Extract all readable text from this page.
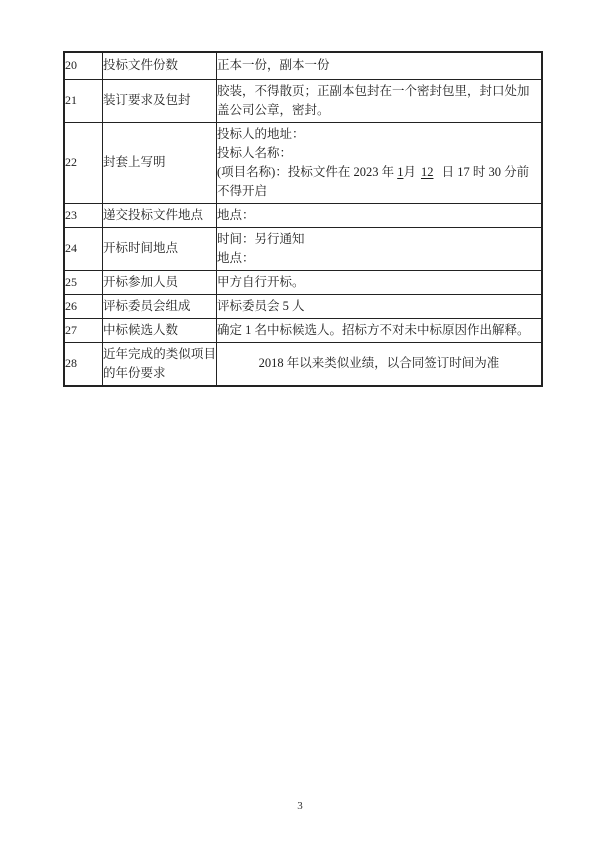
20	投标文件份数	正本一份，副本一份
21	装订要求及包封	胶装，不得散页；正副本包封在一个密封包里，封口处加盖公司公章，密封。
22	封套上写明	投标人的地址：
投标人名称：
(项目名称)：投标文件在 2023 年 1月 12 日 17 时 30 分前不得开启

23	递交投标文件地点	地点：
24	开标时间地点	时间：另行通知
地点：

25	开标参加人员	甲方自行开标。
26	评标委员会组成	评标委员会 5 人
27	中标候选人数	确定 1 名中标候选人。招标方不对未中标原因作出解释。
28	近年完成的类似项目的年份要求	2018 年以来类似业绩，以合同签订时间为准
3
